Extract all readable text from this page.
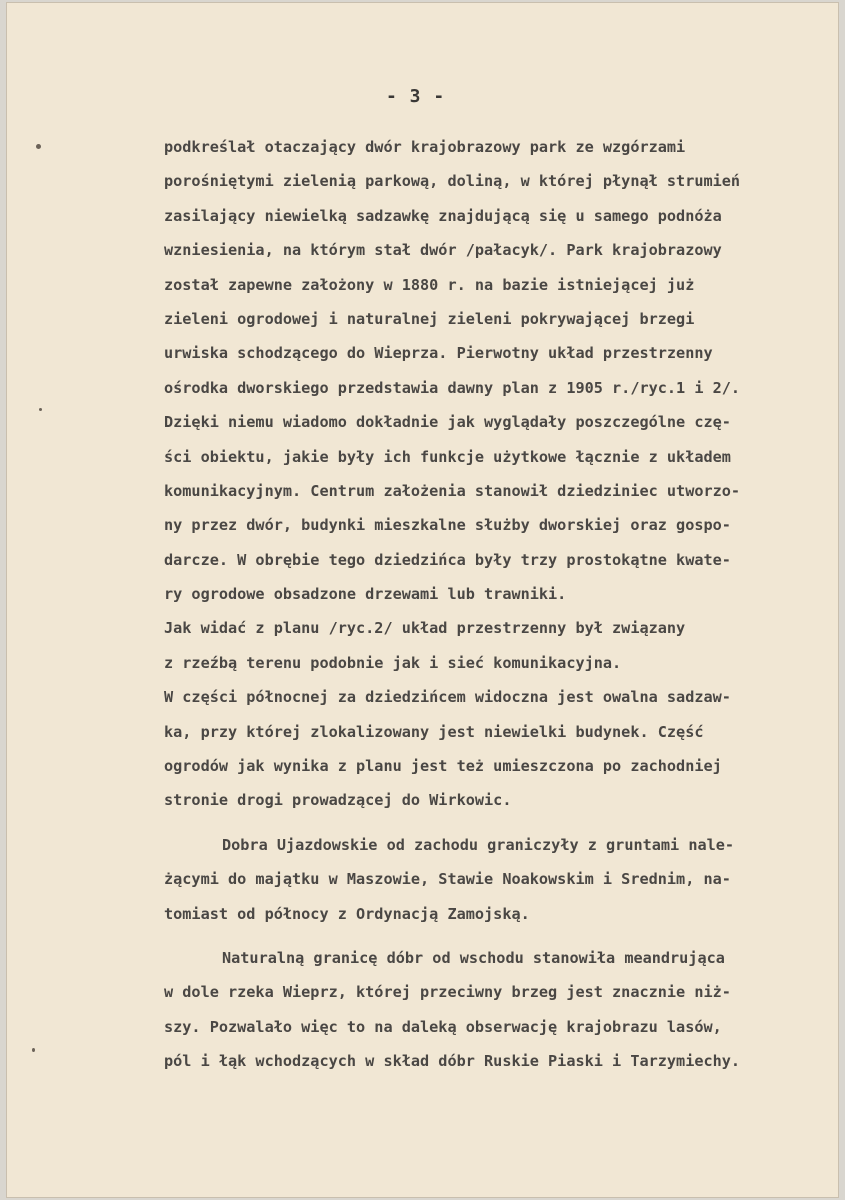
- 3 -
podkreślał otaczający dwór krajobrazowy park ze wzgórzami
porośniętymi zielenią parkową, doliną, w której płynął strumień
zasilający niewielką sadzawkę znajdującą się u samego podnóża
wzniesienia, na którym stał dwór /pałacyk/. Park krajobrazowy
został zapewne założony w 1880 r. na bazie istniejącej już
zieleni ogrodowej i naturalnej zieleni pokrywającej brzegi
urwiska schodzącego do Wieprza. Pierwotny układ przestrzenny
ośrodka dworskiego przedstawia dawny plan z 1905 r./ryc.1 i 2/.
Dzięki niemu wiadomo dokładnie jak wyglądały poszczególne czę-
ści obiektu, jakie były ich funkcje użytkowe łącznie z układem
komunikacyjnym. Centrum założenia stanowił dziedziniec utworzo-
ny przez dwór, budynki mieszkalne służby dworskiej oraz gospo-
darcze. W obrębie tego dziedzińca były trzy prostokątne kwate-
ry ogrodowe obsadzone drzewami lub trawniki.
Jak widać z planu /ryc.2/ układ przestrzenny był związany
z rzeźbą terenu podobnie jak i sieć komunikacyjna.
W części północnej za dziedzińcem widoczna jest owalna sadzaw-
ka, przy której zlokalizowany jest niewielki budynek. Część
ogrodów jak wynika z planu jest też umieszczona po zachodniej
stronie drogi prowadzącej do Wirkowic.
Dobra Ujazdowskie od zachodu graniczyły z gruntami nale-
żącymi do majątku w Maszowie, Stawie Noakowskim i Srednim, na-
tomiast od północy z Ordynacją Zamojską.
Naturalną granicę dóbr od wschodu stanowiła meandrująca
w dole rzeka Wieprz, której przeciwny brzeg jest znacznie niż-
szy. Pozwalało więc to na daleką obserwację krajobrazu lasów,
pól i łąk wchodzących w skład dóbr Ruskie Piaski i Tarzymiechy.
